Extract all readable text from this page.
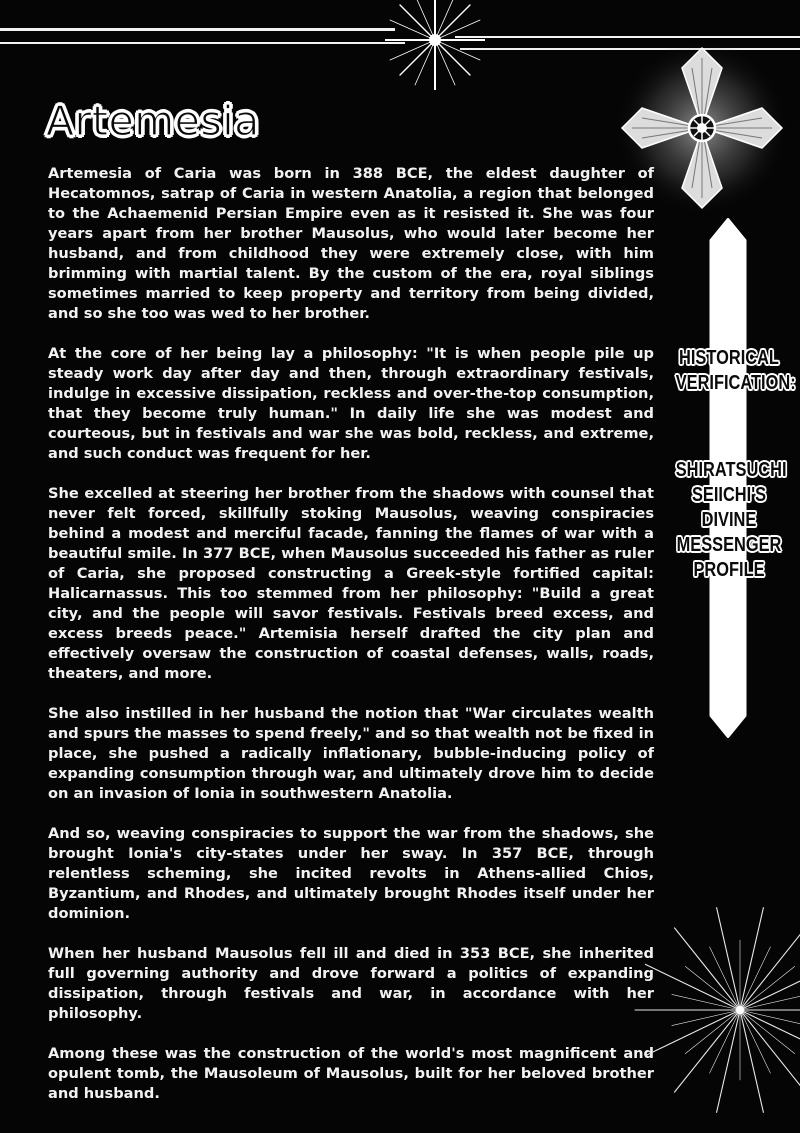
Artemesia

Artemesia of Caria was born in 388 BCE, the eldest daughter of Hecatomnos, satrap of Caria in western Anatolia, a region that belonged to the Achaemenid Persian Empire even as it resisted it. She was four years apart from her brother Mausolus, who would later become her husband, and from childhood they were extremely close, with him brimming with martial talent. By the custom of the era, royal siblings sometimes married to keep property and territory from being divided, and so she too was wed to her brother.

At the core of her being lay a philosophy: "It is when people pile up steady work day after day and then, through extraordinary festivals, indulge in excessive dissipation, reckless and over-the-top consumption, that they become truly human." In daily life she was modest and courteous, but in festivals and war she was bold, reckless, and extreme, and such conduct was frequent for her.

She excelled at steering her brother from the shadows with counsel that never felt forced, skillfully stoking Mausolus, weaving conspiracies behind a modest and merciful facade, fanning the flames of war with a beautiful smile. In 377 BCE, when Mausolus succeeded his father as ruler of Caria, she proposed constructing a Greek-style fortified capital: Halicarnassus. This too stemmed from her philosophy: "Build a great city, and the people will savor festivals. Festivals breed excess, and excess breeds peace." Artemisia herself drafted the city plan and effectively oversaw the construction of coastal defenses, walls, roads, theaters, and more.

She also instilled in her husband the notion that "War circulates wealth and spurs the masses to spend freely," and so that wealth not be fixed in place, she pushed a radically inflationary, bubble-inducing policy of expanding consumption through war, and ultimately drove him to decide on an invasion of Ionia in southwestern Anatolia.

And so, weaving conspiracies to support the war from the shadows, she brought Ionia's city-states under her sway. In 357 BCE, through relentless scheming, she incited revolts in Athens-allied Chios, Byzantium, and Rhodes, and ultimately brought Rhodes itself under her dominion.

When her husband Mausolus fell ill and died in 353 BCE, she inherited full governing authority and drove forward a politics of expanding dissipation, through festivals and war, in accordance with her philosophy.

Among these was the construction of the world's most magnificent and opulent tomb, the Mausoleum of Mausolus, built for her beloved brother and husband.

HISTORICAL
VERIFICATION:
SHIRATSUCHI
SEIICHI'S
DIVINE
MESSENGER
PROFILE
